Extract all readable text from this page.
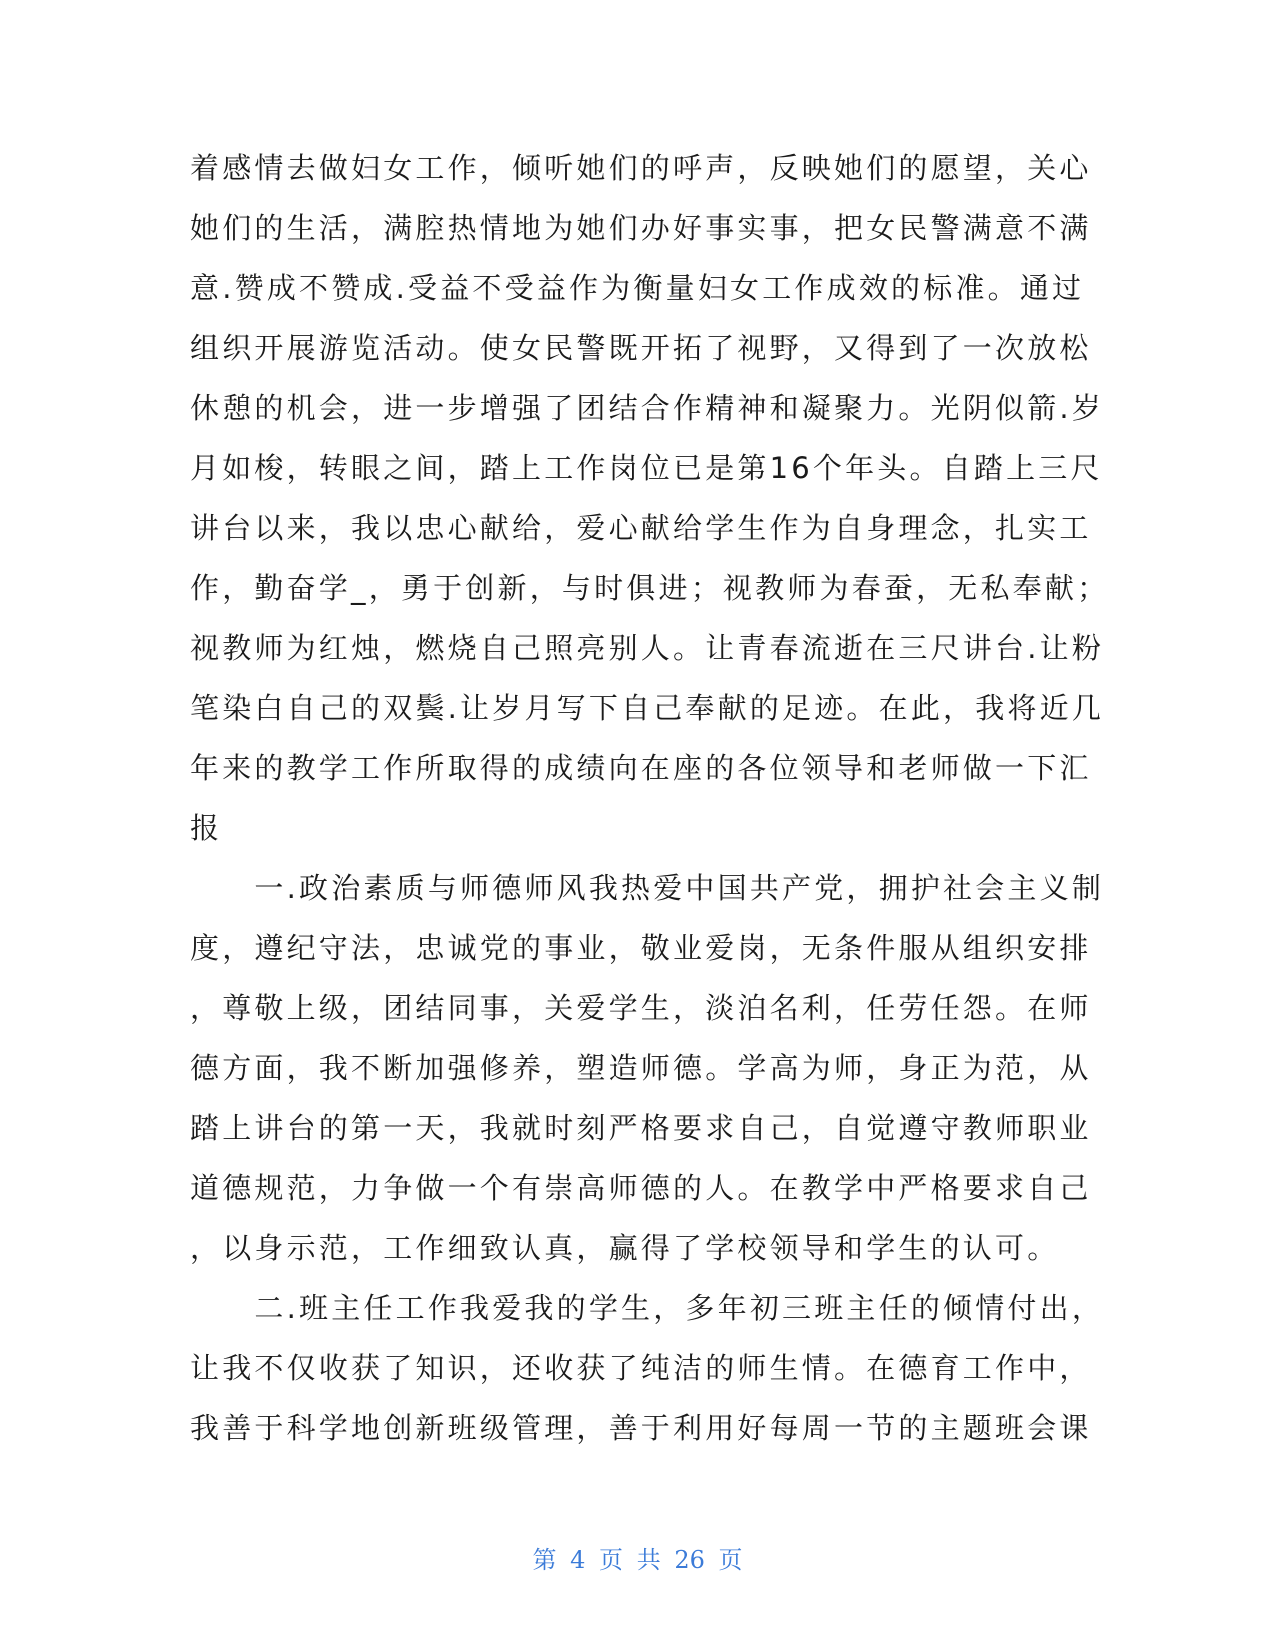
着感情去做妇女工作，倾听她们的呼声，反映她们的愿望，关心
她们的生活，满腔热情地为她们办好事实事，把女民警满意不满
意.赞成不赞成.受益不受益作为衡量妇女工作成效的标准。通过
组织开展游览活动。使女民警既开拓了视野，又得到了一次放松
休憩的机会，进一步增强了团结合作精神和凝聚力。光阴似箭.岁
月如梭，转眼之间，踏上工作岗位已是第16个年头。自踏上三尺
讲台以来，我以忠心献给，爱心献给学生作为自身理念，扎实工
作，勤奋学_，勇于创新，与时俱进；视教师为春蚕，无私奉献；
视教师为红烛，燃烧自己照亮别人。让青春流逝在三尺讲台.让粉
笔染白自己的双鬓.让岁月写下自己奉献的足迹。在此，我将近几
年来的教学工作所取得的成绩向在座的各位领导和老师做一下汇
报
　　一.政治素质与师德师风我热爱中国共产党，拥护社会主义制
度，遵纪守法，忠诚党的事业，敬业爱岗，无条件服从组织安排
，尊敬上级，团结同事，关爱学生，淡泊名利，任劳任怨。在师
德方面，我不断加强修养，塑造师德。学高为师，身正为范，从
踏上讲台的第一天，我就时刻严格要求自己，自觉遵守教师职业
道德规范，力争做一个有崇高师德的人。在教学中严格要求自己
，以身示范，工作细致认真，赢得了学校领导和学生的认可。
　　二.班主任工作我爱我的学生，多年初三班主任的倾情付出，
让我不仅收获了知识，还收获了纯洁的师生情。在德育工作中，
我善于科学地创新班级管理，善于利用好每周一节的主题班会课
第 4 页 共 26 页
